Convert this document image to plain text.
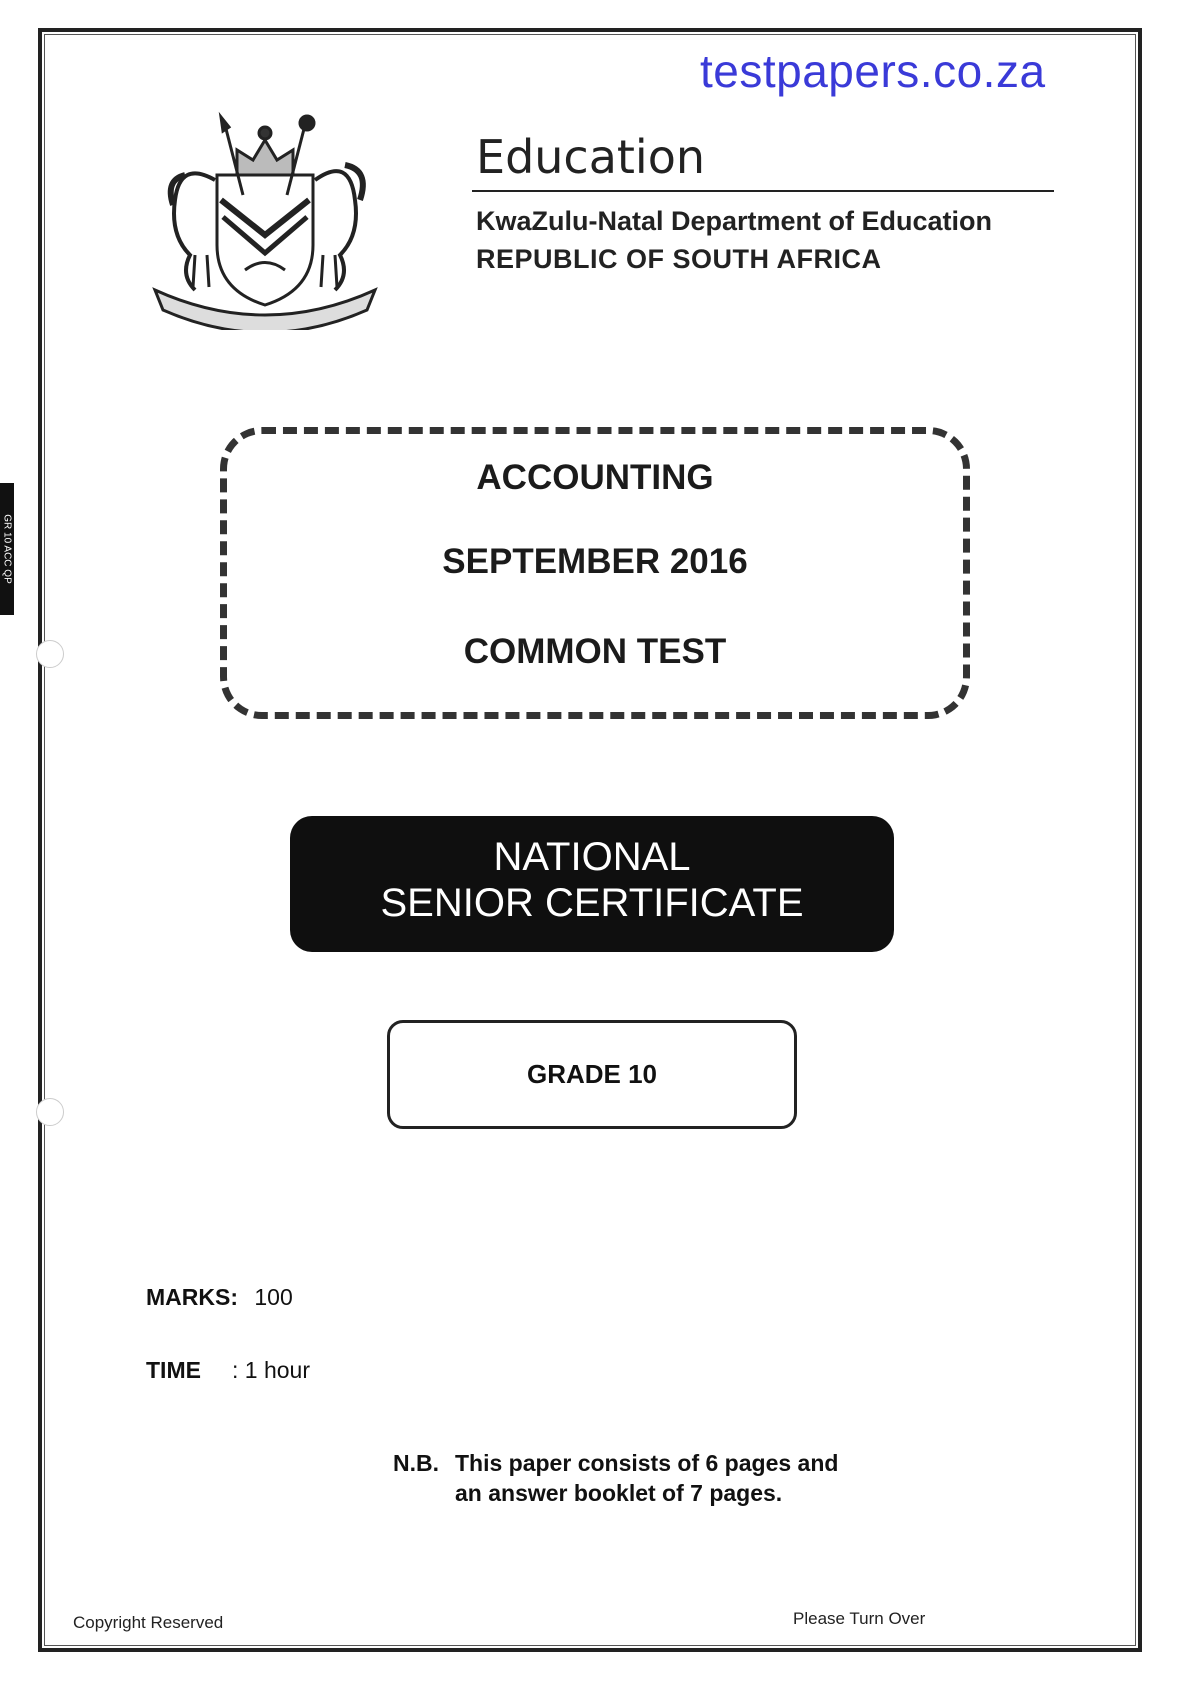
GR 10 ACC QP
testpapers.co.za
Education
KwaZulu-Natal Department of Education
REPUBLIC OF SOUTH AFRICA
ACCOUNTING
SEPTEMBER 2016
COMMON TEST
NATIONAL
SENIOR CERTIFICATE
GRADE 10
MARKS: 100
TIME : 1 hour
N.B. This paper consists of 6 pages and
an answer booklet of 7 pages.
Copyright Reserved	Please Turn Over
